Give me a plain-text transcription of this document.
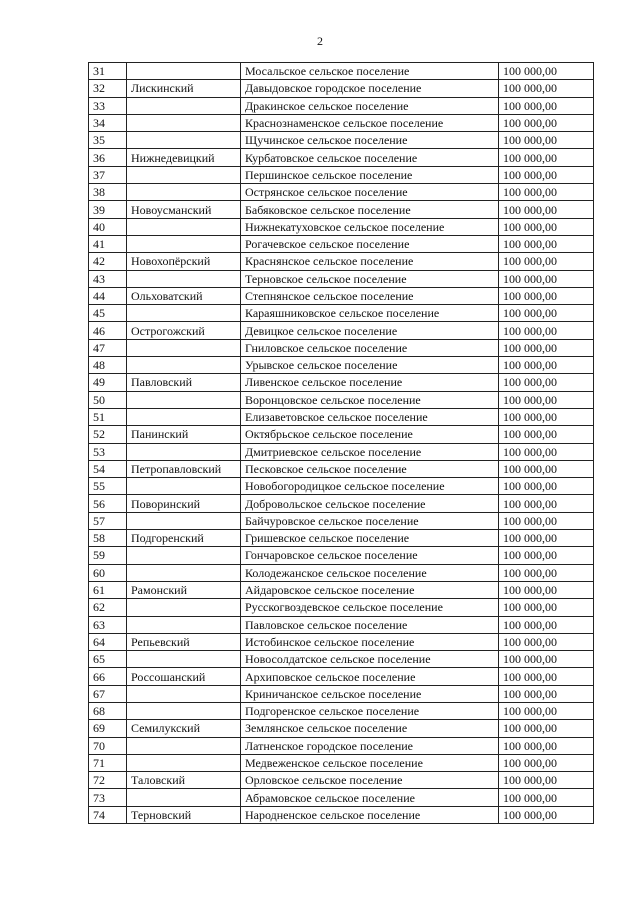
2
31		Мосальское сельское поселение	100 000,00
32	Лискинский	Давыдовское городское поселение	100 000,00
33		Дракинское сельское поселение	100 000,00
34		Краснознаменское сельское поселение	100 000,00
35		Щучинское сельское поселение	100 000,00
36	Нижнедевицкий	Курбатовское сельское поселение	100 000,00
37		Першинское сельское поселение	100 000,00
38		Острянское сельское поселение	100 000,00
39	Новоусманский	Бабяковское сельское поселение	100 000,00
40		Нижнекатуховское сельское поселение	100 000,00
41		Рогачевское сельское поселение	100 000,00
42	Новохопёрский	Краснянское сельское поселение	100 000,00
43		Терновское сельское поселение	100 000,00
44	Ольховатский	Степнянское сельское поселение	100 000,00
45		Караяшниковское сельское поселение	100 000,00
46	Острогожский	Девицкое сельское поселение	100 000,00
47		Гниловское сельское поселение	100 000,00
48		Урывское сельское поселение	100 000,00
49	Павловский	Ливенское сельское поселение	100 000,00
50		Воронцовское сельское поселение	100 000,00
51		Елизаветовское сельское поселение	100 000,00
52	Панинский	Октябрьское сельское поселение	100 000,00
53		Дмитриевское сельское поселение	100 000,00
54	Петропавловский	Песковское сельское поселение	100 000,00
55		Новобогородицкое сельское поселение	100 000,00
56	Поворинский	Добровольское сельское поселение	100 000,00
57		Байчуровское сельское поселение	100 000,00
58	Подгоренский	Гришевское сельское поселение	100 000,00
59		Гончаровское сельское поселение	100 000,00
60		Колодежанское сельское поселение	100 000,00
61	Рамонский	Айдаровское сельское поселение	100 000,00
62		Русскогвоздевское сельское поселение	100 000,00
63		Павловское сельское поселение	100 000,00
64	Репьевский	Истобинское сельское поселение	100 000,00
65		Новосолдатское сельское поселение	100 000,00
66	Россошанский	Архиповское сельское поселение	100 000,00
67		Криничанское сельское поселение	100 000,00
68		Подгоренское сельское поселение	100 000,00
69	Семилукский	Землянское сельское поселение	100 000,00
70		Латненское городское поселение	100 000,00
71		Медвеженское сельское поселение	100 000,00
72	Таловский	Орловское сельское поселение	100 000,00
73		Абрамовское сельское поселение	100 000,00
74	Терновский	Народненское сельское поселение	100 000,00
